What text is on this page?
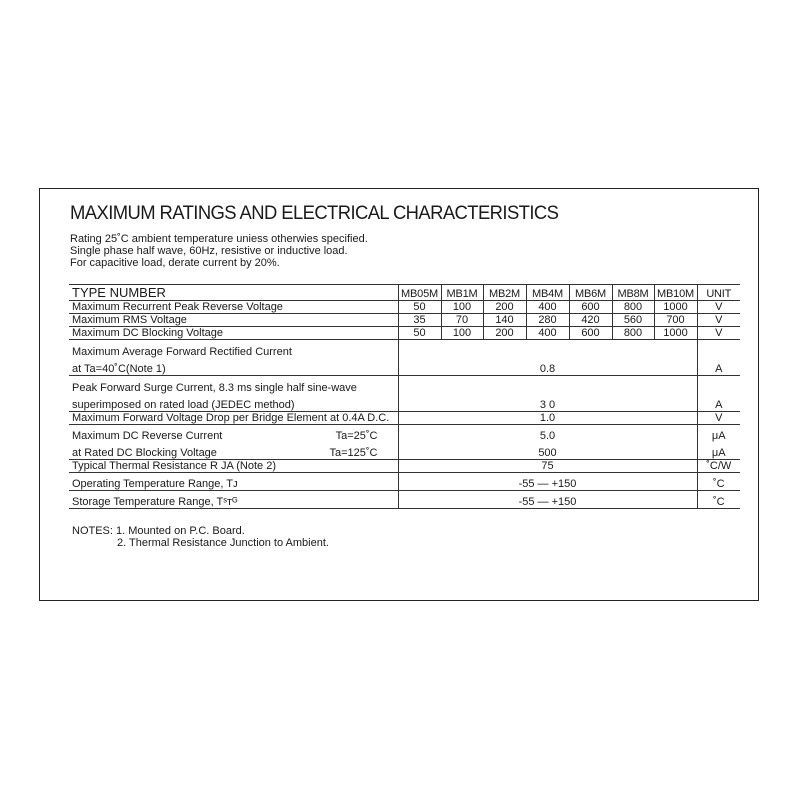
MAXIMUM RATINGS AND ELECTRICAL CHARACTERISTICS
Rating 25˚C ambient temperature uniess otherwies specified.
Single phase half wave, 60Hz, resistive or inductive load.
For capacitive load, derate current by 20%.
TYPE NUMBER	MB05M	MB1M	MB2M	MB4M	MB6M	MB8M	MB10M	UNIT
Maximum Recurrent Peak Reverse Voltage	50	100	200	400	600	800	1000	V
Maximum RMS Voltage	35	70	140	280	420	560	700	V
Maximum DC Blocking Voltage	50	100	200	400	600	800	1000	V
Maximum Average Forward Rectified Current								
at Ta=40˚C(Note 1)	0.8							A
Peak Forward Surge Current, 8.3 ms single half sine-wave								
superimposed on rated load (JEDEC method)	3 0							A
Maximum Forward Voltage Drop per Bridge Element at 0.4A D.C.	1.0							V

Maximum DC Reverse Current Ta=25˚C	5.0							μA

at Rated DC Blocking Voltage Ta=125˚C	500							μA
Typical Thermal Resistance R JA (Note 2)	75							˚C/W
Operating Temperature Range, Tᴊ	-55 — +150							˚C
Storage Temperature Range, Tˢᴛᴳ	-55 — +150							˚C
NOTES: 1. Mounted on P.C. Board.
2. Thermal Resistance Junction to Ambient.
